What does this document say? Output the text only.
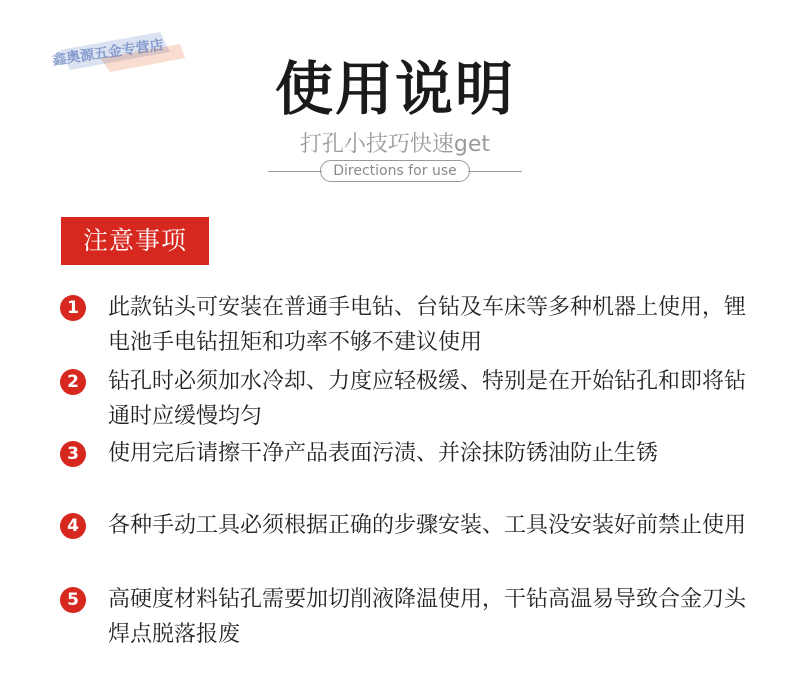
鑫奥源五金专营店
使用说明
打孔小技巧快速get
Directions for use
注意事项
1	此款钻头可安装在普通手电钻、台钻及车床等多种机器上使用，锂电池手电钻扭矩和功率不够不建议使用
2	钻孔时必须加水冷却、力度应轻极缓、特别是在开始钻孔和即将钻通时应缓慢均匀
3	使用完后请擦干净产品表面污渍、并涂抹防锈油防止生锈
4	各种手动工具必须根据正确的步骤安装、工具没安装好前禁止使用
5	高硬度材料钻孔需要加切削液降温使用，干钻高温易导致合金刀头焊点脱落报废
